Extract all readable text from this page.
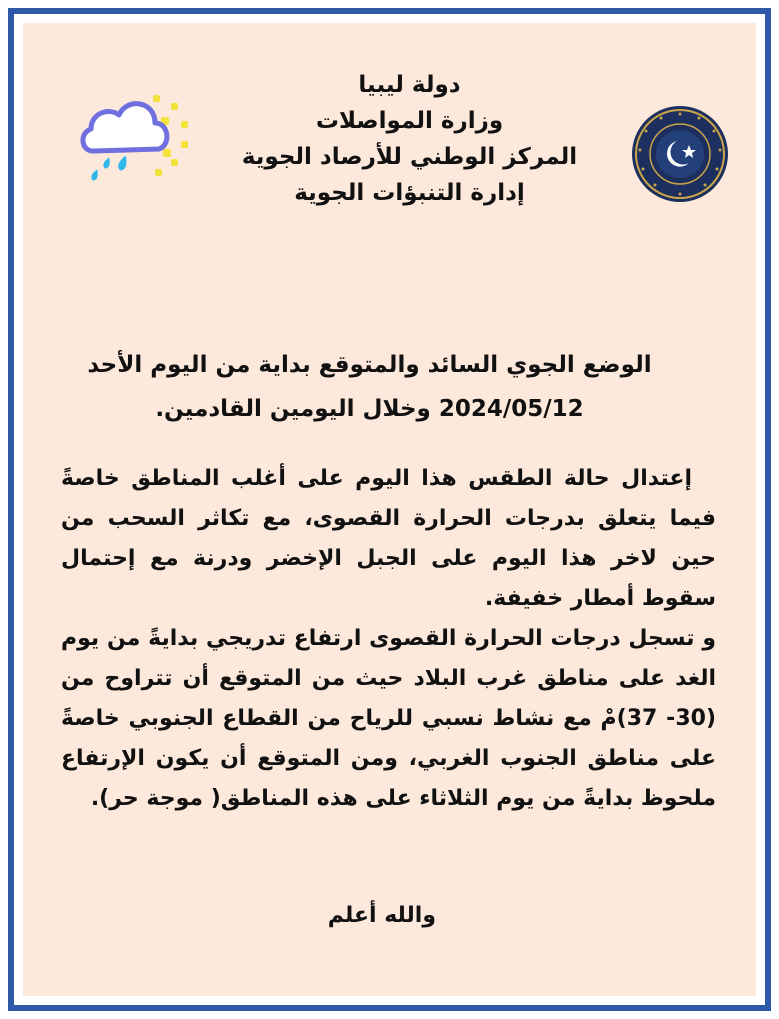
دولة ليبيا
وزارة المواصلات
المركز الوطني للأرصاد الجوية
إدارة التنبؤات الجوية
الوضع الجوي السائد والمتوقع بداية من اليوم الأحد
2024/05/12 وخلال اليومين القادمين.

إعتدال حالة الطقس هذا اليوم على أغلب المناطق خاصةً فيما يتعلق بدرجات الحرارة القصوى، مع تكاثر السحب من حين لاخر هذا اليوم على الجبل الإخضر ودرنة مع إحتمال سقوط أمطار خفيفة.

و تسجل درجات الحرارة القصوى ارتفاع تدريجي بدايةً من يوم الغد على مناطق غرب البلاد حيث من المتوقع أن تتراوح من (30- 37)مْ مع نشاط نسبي للرياح من القطاع الجنوبي خاصةً على مناطق الجنوب الغربي، ومن المتوقع أن يكون الإرتفاع ملحوظ بدايةً من يوم الثلاثاء على هذه المناطق( موجة حر).

والله أعلم
